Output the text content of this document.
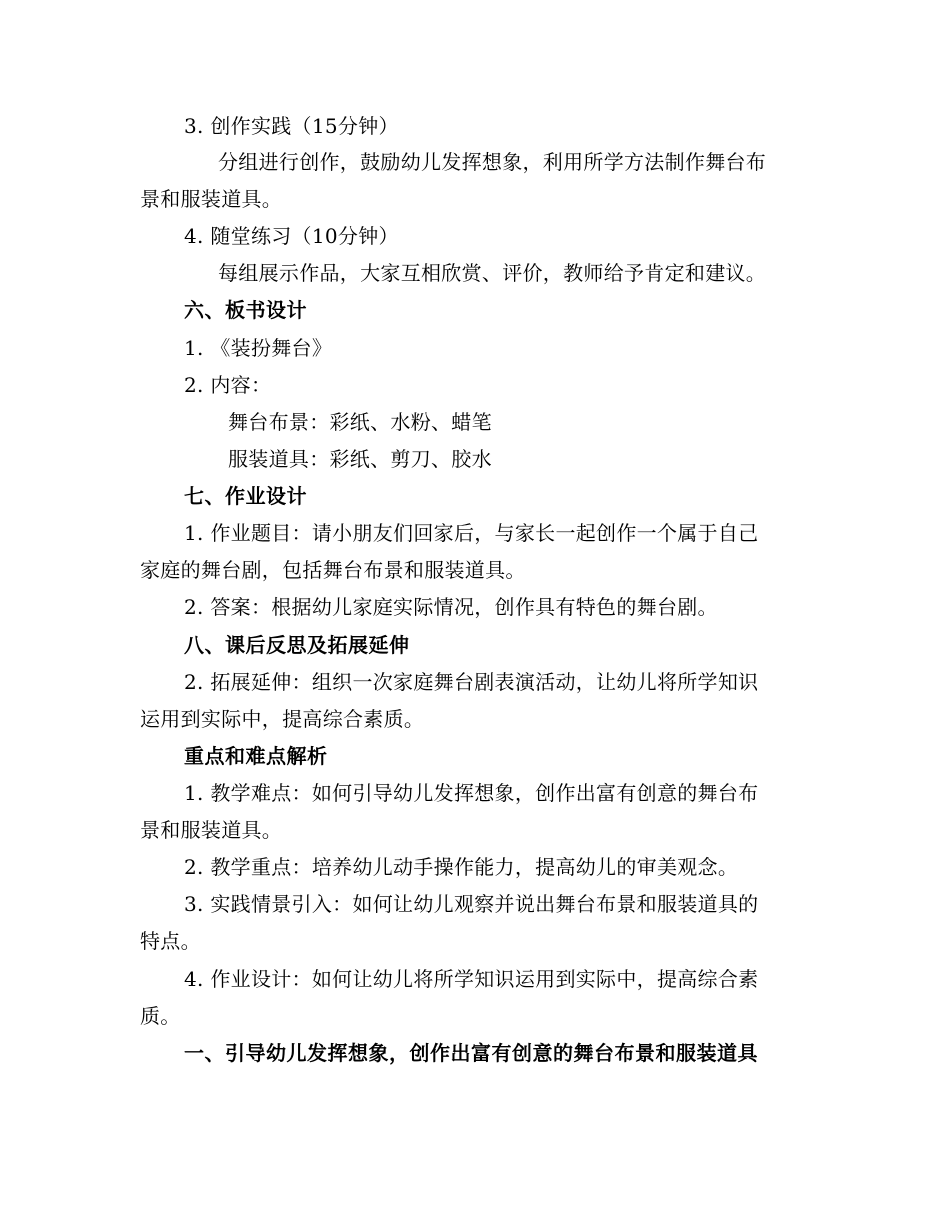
3. 创作实践（15分钟）
分组进行创作，鼓励幼儿发挥想象，利用所学方法制作舞台布
景和服装道具。
4. 随堂练习（10分钟）
每组展示作品，大家互相欣赏、评价，教师给予肯定和建议。
六、板书设计
1. 《装扮舞台》
2. 内容：
舞台布景：彩纸、水粉、蜡笔
服装道具：彩纸、剪刀、胶水
七、作业设计
1. 作业题目：请小朋友们回家后，与家长一起创作一个属于自己
家庭的舞台剧，包括舞台布景和服装道具。
2. 答案：根据幼儿家庭实际情况，创作具有特色的舞台剧。
八、课后反思及拓展延伸
2. 拓展延伸：组织一次家庭舞台剧表演活动，让幼儿将所学知识
运用到实际中，提高综合素质。
重点和难点解析
1. 教学难点：如何引导幼儿发挥想象，创作出富有创意的舞台布
景和服装道具。
2. 教学重点：培养幼儿动手操作能力，提高幼儿的审美观念。
3. 实践情景引入：如何让幼儿观察并说出舞台布景和服装道具的
特点。
4. 作业设计：如何让幼儿将所学知识运用到实际中，提高综合素
质。
一、引导幼儿发挥想象，创作出富有创意的舞台布景和服装道具
